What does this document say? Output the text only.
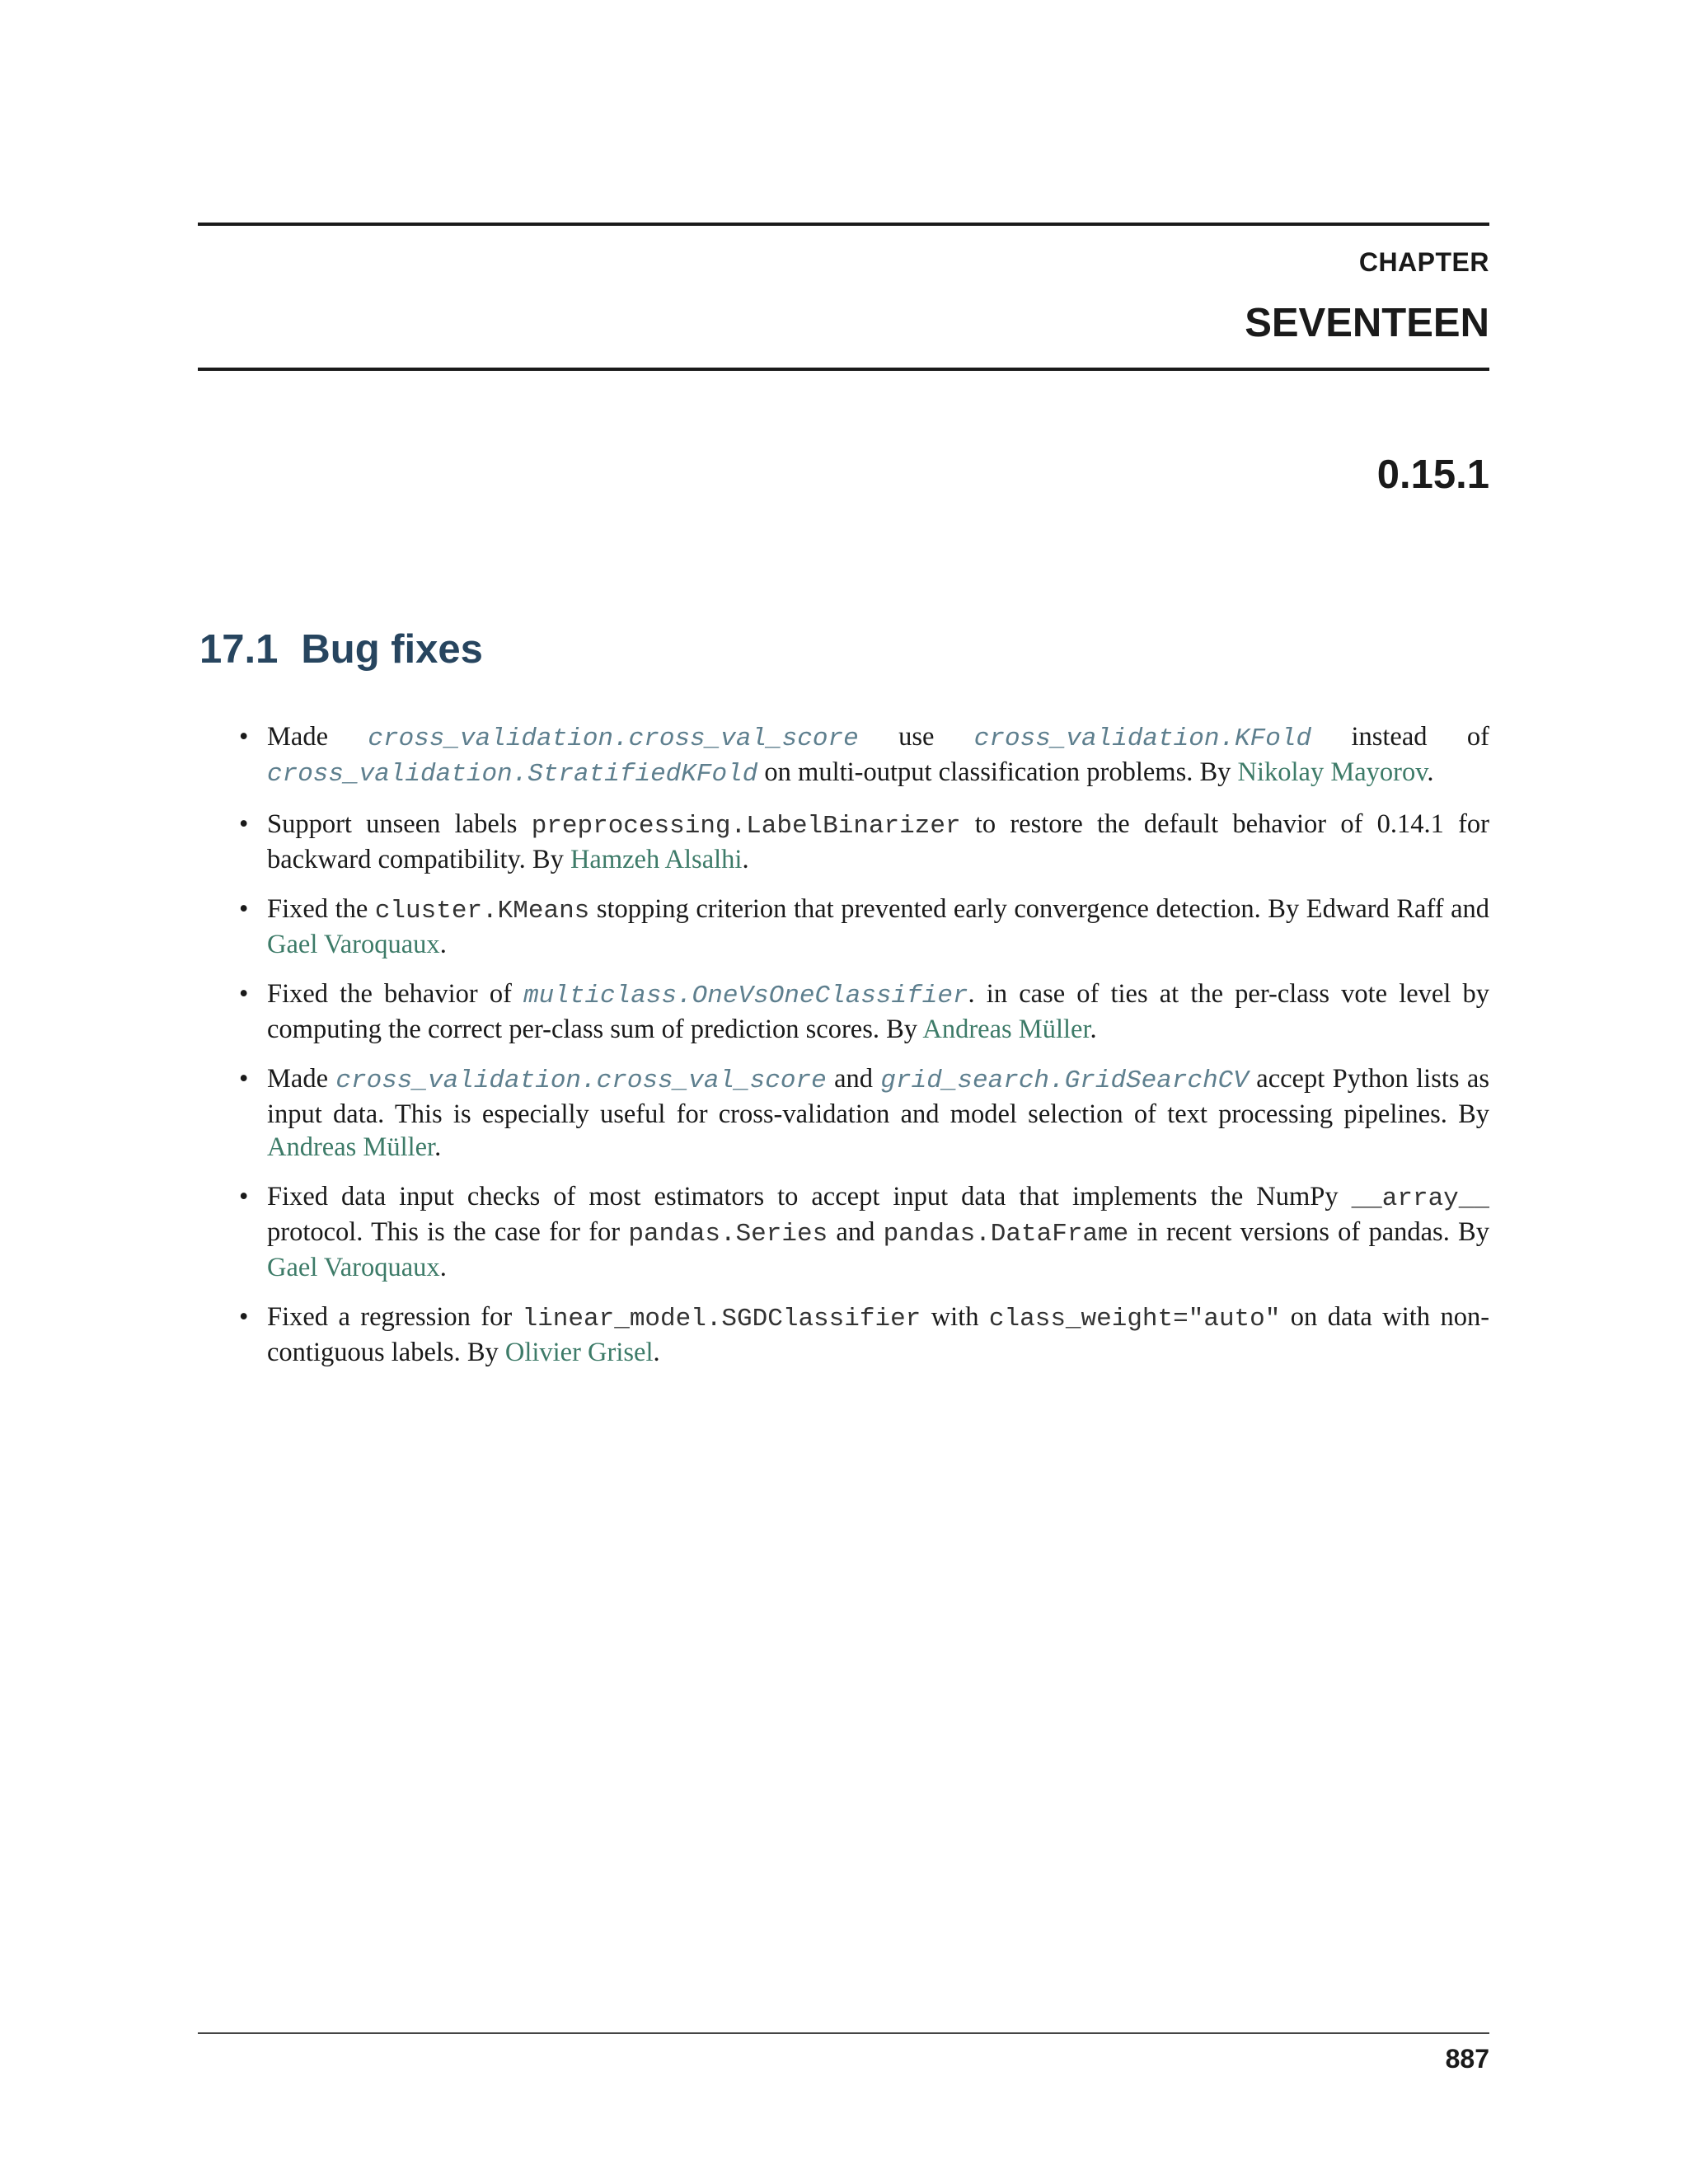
CHAPTER
SEVENTEEN
0.15.1
17.1 Bug fixes
• Made cross_validation.cross_val_score use cross_validation.KFold instead of cross_validation.StratifiedKFold on multi-output classification problems. By Nikolay Mayorov.
• Support unseen labels preprocessing.LabelBinarizer to restore the default behavior of 0.14.1 for backward compatibility. By Hamzeh Alsalhi.
• Fixed the cluster.KMeans stopping criterion that prevented early convergence detection. By Edward Raff and Gael Varoquaux.
• Fixed the behavior of multiclass.OneVsOneClassifier. in case of ties at the per-class vote level by computing the correct per-class sum of prediction scores. By Andreas Müller.
• Made cross_validation.cross_val_score and grid_search.GridSearchCV accept Python lists as input data. This is especially useful for cross-validation and model selection of text processing pipelines. By Andreas Müller.
• Fixed data input checks of most estimators to accept input data that implements the NumPy __array__ protocol. This is the case for for pandas.Series and pandas.DataFrame in recent versions of pandas. By Gael Varoquaux.
• Fixed a regression for linear_model.SGDClassifier with class_weight="auto" on data with non-contiguous labels. By Olivier Grisel.
887
